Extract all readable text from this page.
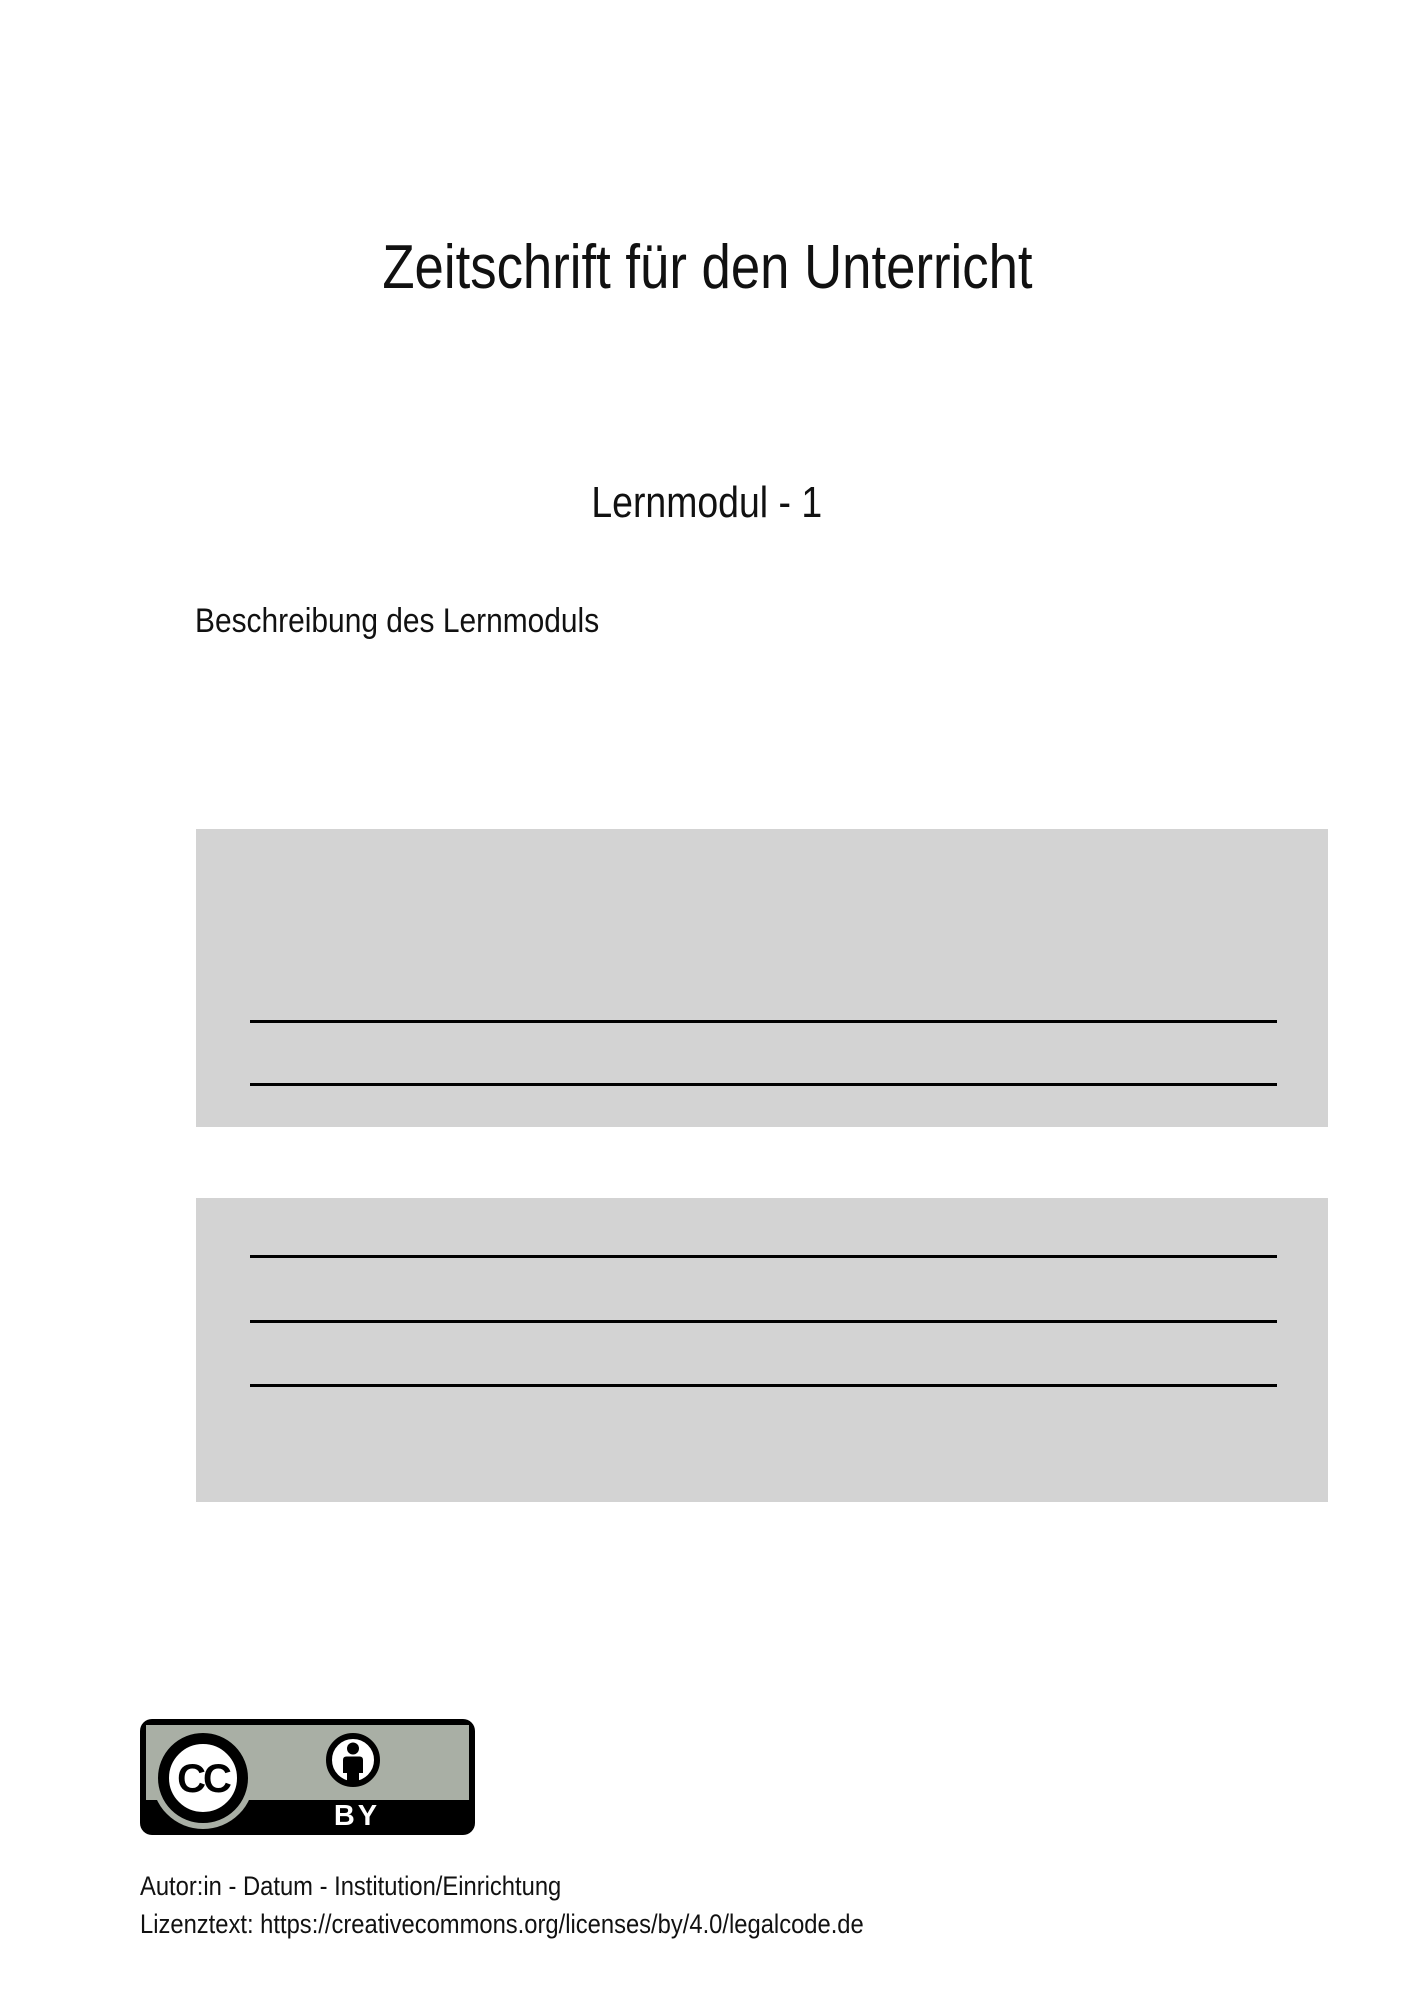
Zeitschrift für den Unterricht
Lernmodul - 1
Beschreibung des Lernmoduls
CC
BY
Autor:in - Datum - Institution/Einrichtung
Lizenztext: https://creativecommons.org/licenses/by/4.0/legalcode.de
